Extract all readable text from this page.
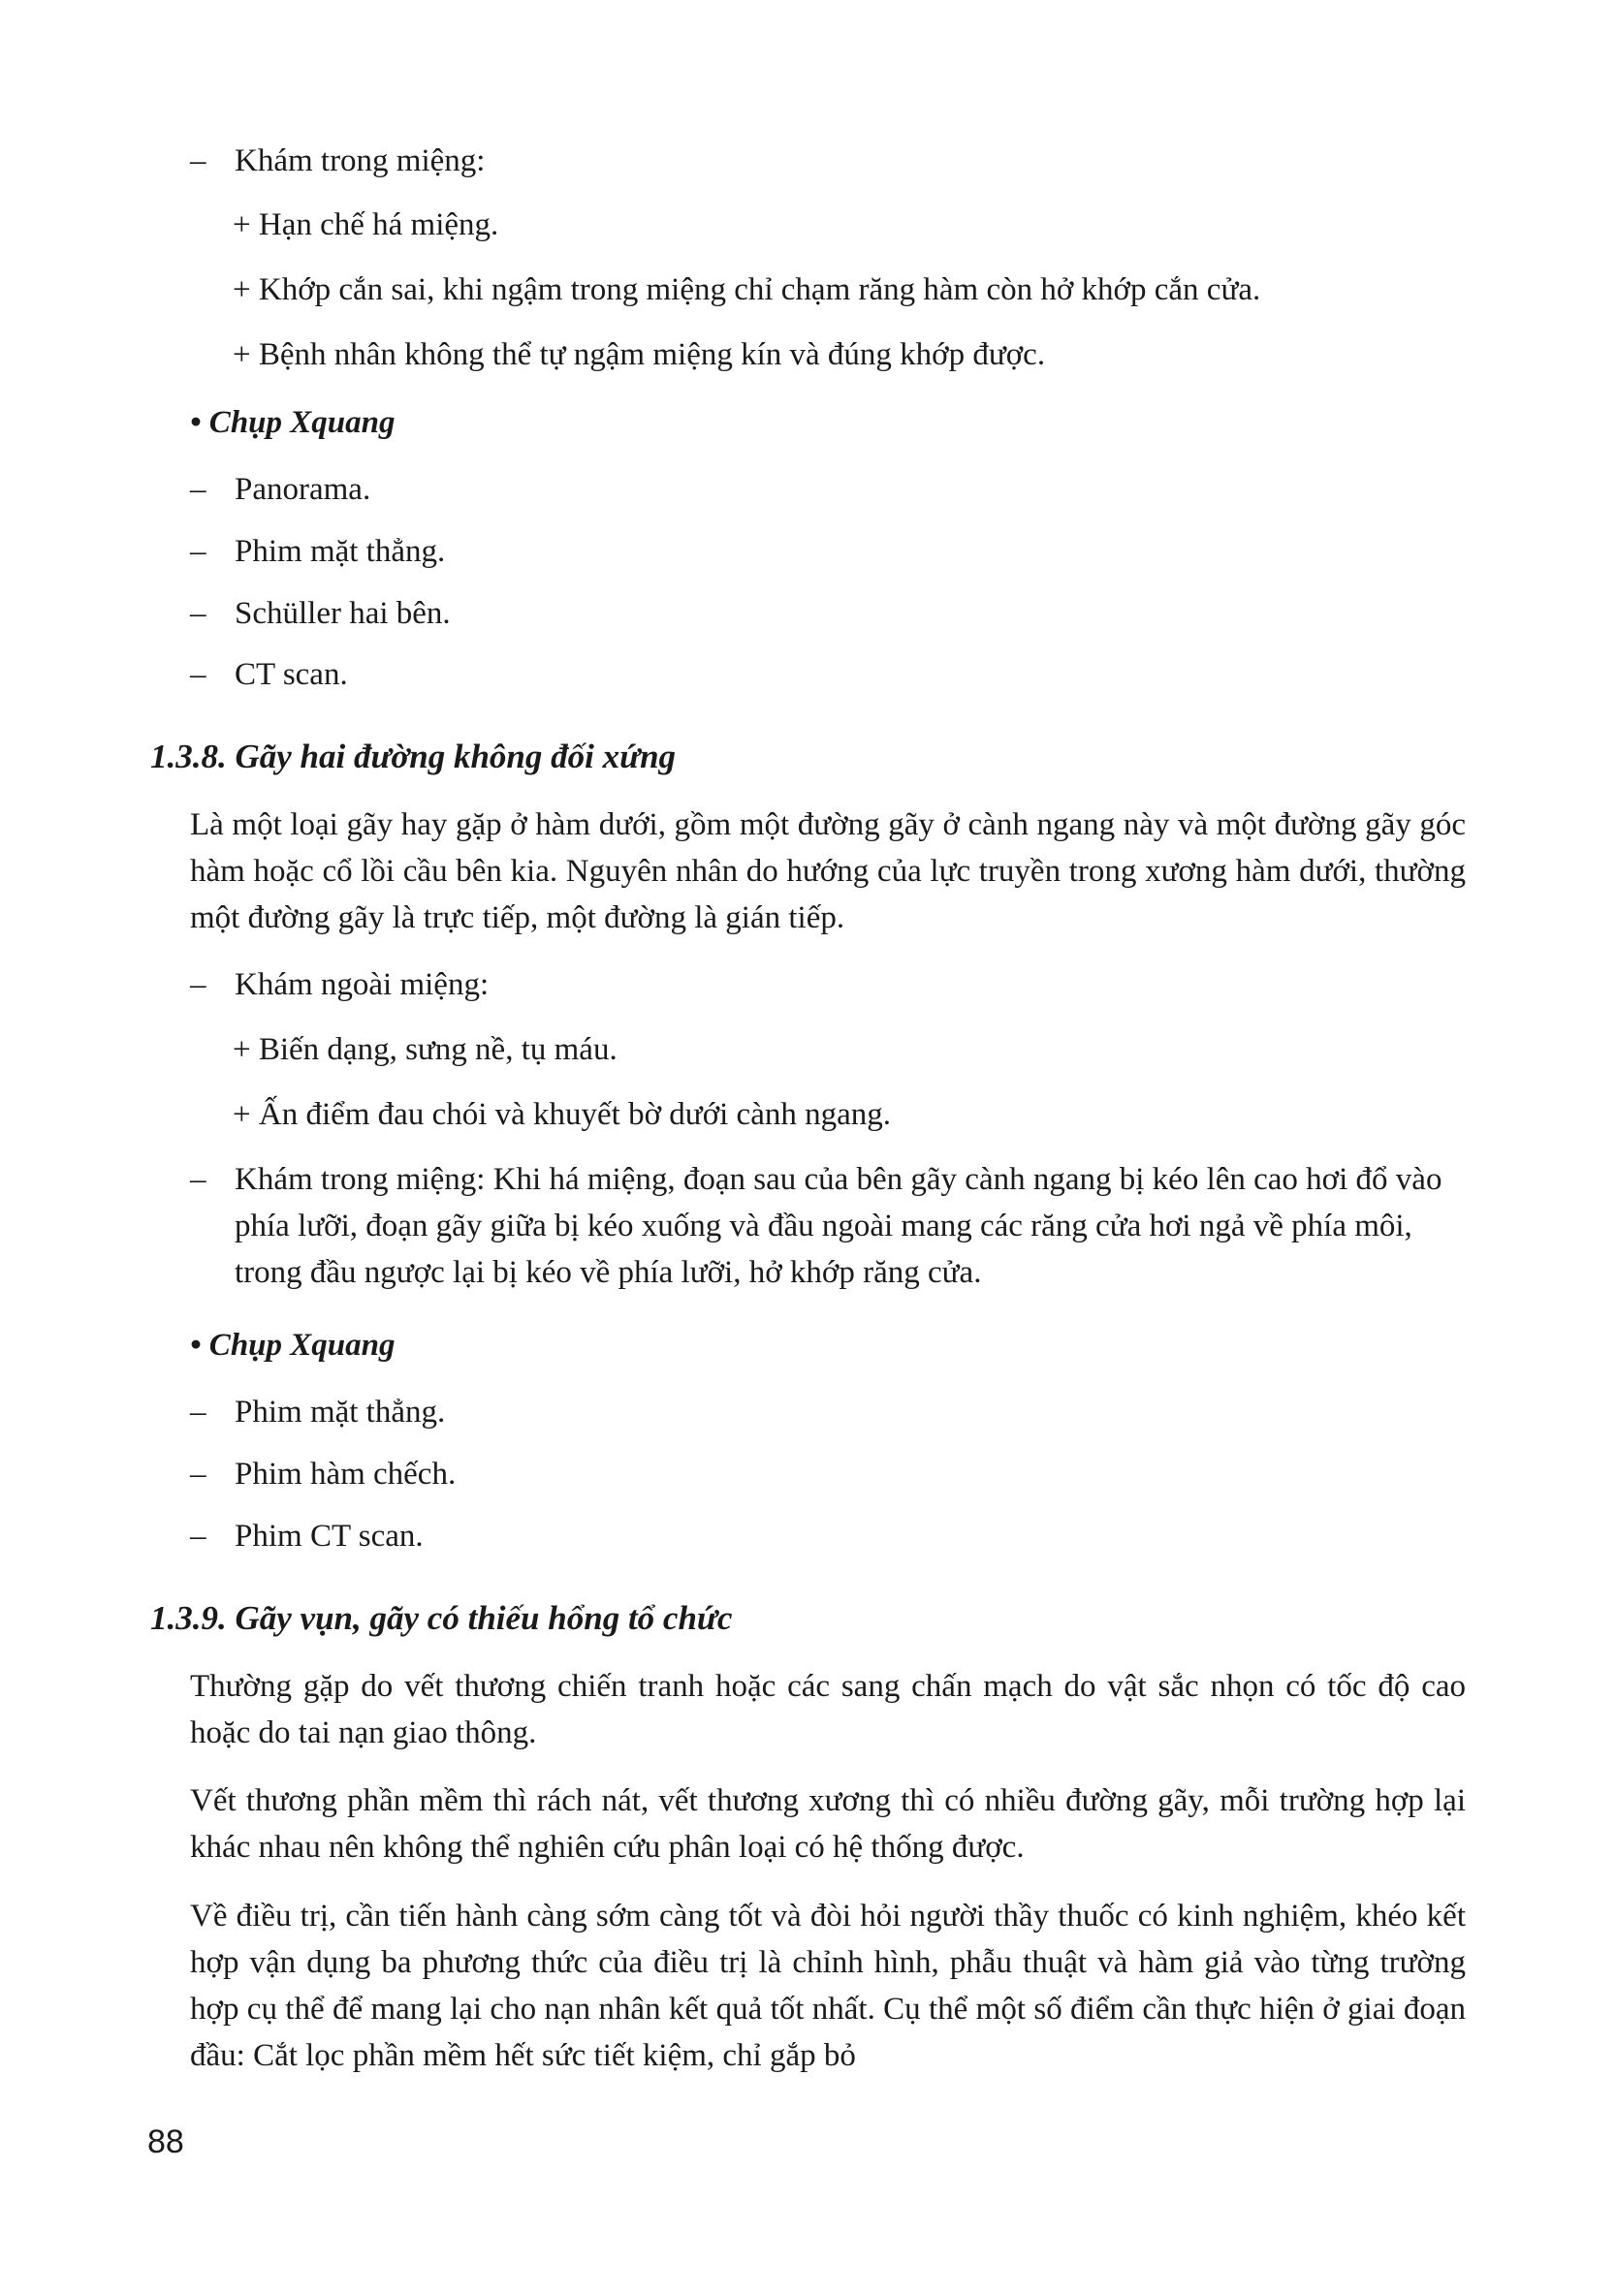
– Khám trong miệng:
+ Hạn chế há miệng.
+ Khớp cắn sai, khi ngậm trong miệng chỉ chạm răng hàm còn hở khớp cắn cửa.
+ Bệnh nhân không thể tự ngậm miệng kín và đúng khớp được.
• Chụp Xquang
– Panorama.
– Phim mặt thẳng.
– Schüller hai bên.
– CT scan.
1.3.8. Gãy hai đường không đối xứng
Là một loại gãy hay gặp ở hàm dưới, gồm một đường gãy ở cành ngang này và một đường gãy góc hàm hoặc cổ lồi cầu bên kia. Nguyên nhân do hướng của lực truyền trong xương hàm dưới, thường một đường gãy là trực tiếp, một đường là gián tiếp.
– Khám ngoài miệng:
+ Biến dạng, sưng nề, tụ máu.
+ Ấn điểm đau chói và khuyết bờ dưới cành ngang.
– Khám trong miệng: Khi há miệng, đoạn sau của bên gãy cành ngang bị kéo lên cao hơi đổ vào phía lưỡi, đoạn gãy giữa bị kéo xuống và đầu ngoài mang các răng cửa hơi ngả về phía môi, trong đầu ngược lại bị kéo về phía lưỡi, hở khớp răng cửa.
• Chụp Xquang
– Phim mặt thẳng.
– Phim hàm chếch.
– Phim CT scan.
1.3.9. Gãy vụn, gãy có thiếu hổng tổ chức
Thường gặp do vết thương chiến tranh hoặc các sang chấn mạch do vật sắc nhọn có tốc độ cao hoặc do tai nạn giao thông.
Vết thương phần mềm thì rách nát, vết thương xương thì có nhiều đường gãy, mỗi trường hợp lại khác nhau nên không thể nghiên cứu phân loại có hệ thống được.
Về điều trị, cần tiến hành càng sớm càng tốt và đòi hỏi người thầy thuốc có kinh nghiệm, khéo kết hợp vận dụng ba phương thức của điều trị là chỉnh hình, phẫu thuật và hàm giả vào từng trường hợp cụ thể để mang lại cho nạn nhân kết quả tốt nhất. Cụ thể một số điểm cần thực hiện ở giai đoạn đầu: Cắt lọc phần mềm hết sức tiết kiệm, chỉ gắp bỏ
88
